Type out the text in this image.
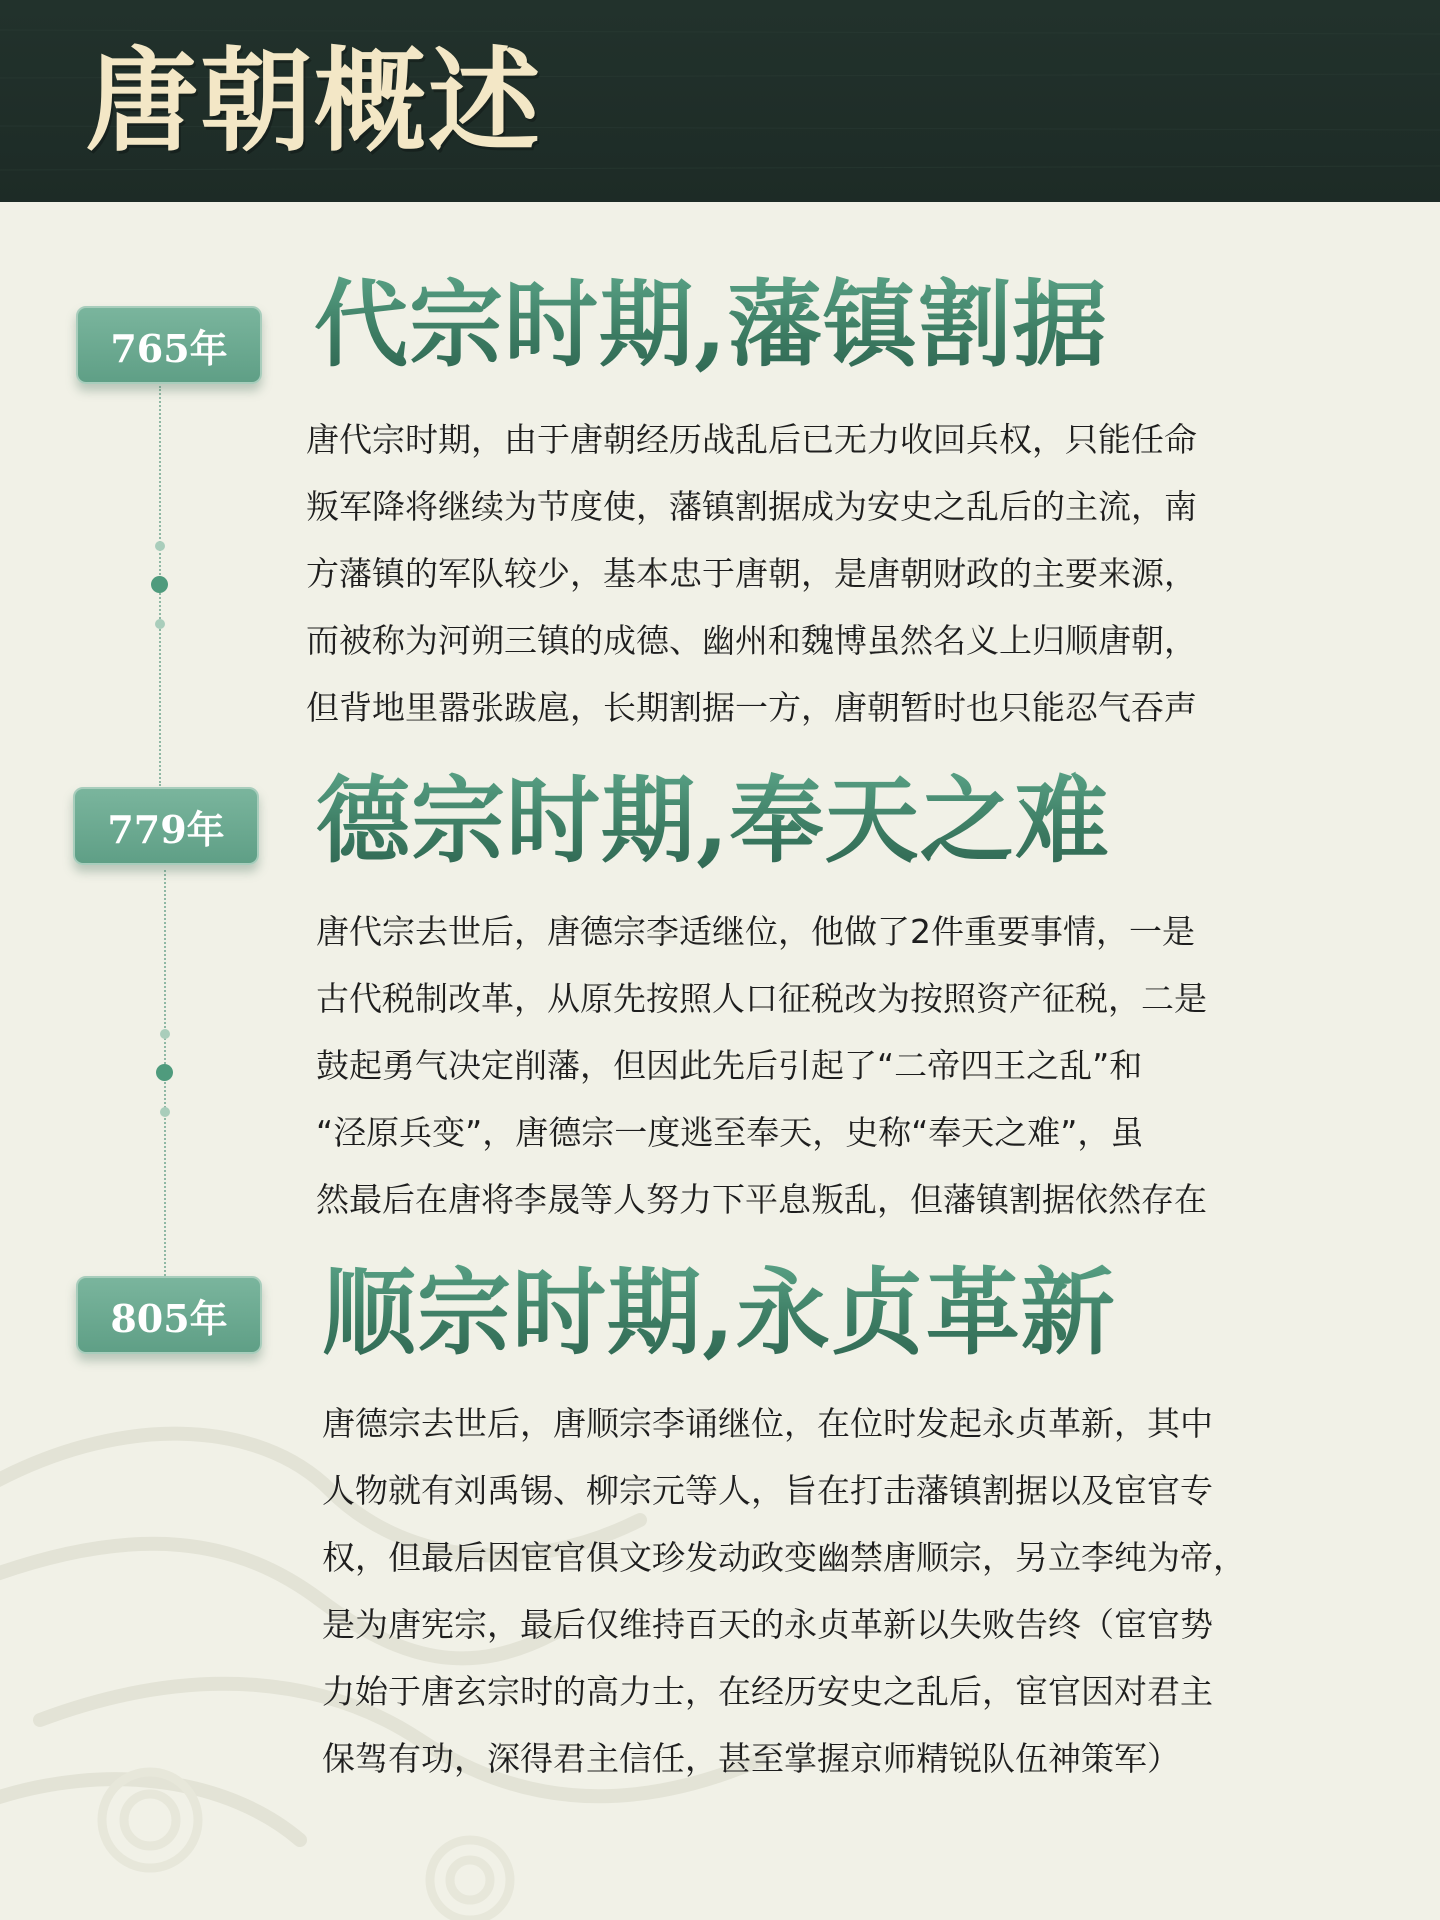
唐朝概述
765年 代宗时期,藩镇割据
唐代宗时期，由于唐朝经历战乱后已无力收回兵权，只能任命
叛军降将继续为节度使，藩镇割据成为安史之乱后的主流，南
方藩镇的军队较少，基本忠于唐朝，是唐朝财政的主要来源，
而被称为河朔三镇的成德、幽州和魏博虽然名义上归顺唐朝，
但背地里嚣张跋扈，长期割据一方，唐朝暂时也只能忍气吞声
779年 德宗时期,奉天之难
唐代宗去世后，唐德宗李适继位，他做了2件重要事情，一是
古代税制改革，从原先按照人口征税改为按照资产征税，二是
鼓起勇气决定削藩，但因此先后引起了“二帝四王之乱”和
“泾原兵变”，唐德宗一度逃至奉天，史称“奉天之难”，虽
然最后在唐将李晟等人努力下平息叛乱，但藩镇割据依然存在
805年 顺宗时期,永贞革新
唐德宗去世后，唐顺宗李诵继位，在位时发起永贞革新，其中
人物就有刘禹锡、柳宗元等人，旨在打击藩镇割据以及宦官专
权，但最后因宦官俱文珍发动政变幽禁唐顺宗，另立李纯为帝，
是为唐宪宗，最后仅维持百天的永贞革新以失败告终（宦官势
力始于唐玄宗时的高力士，在经历安史之乱后，宦官因对君主
保驾有功，深得君主信任，甚至掌握京师精锐队伍神策军）
